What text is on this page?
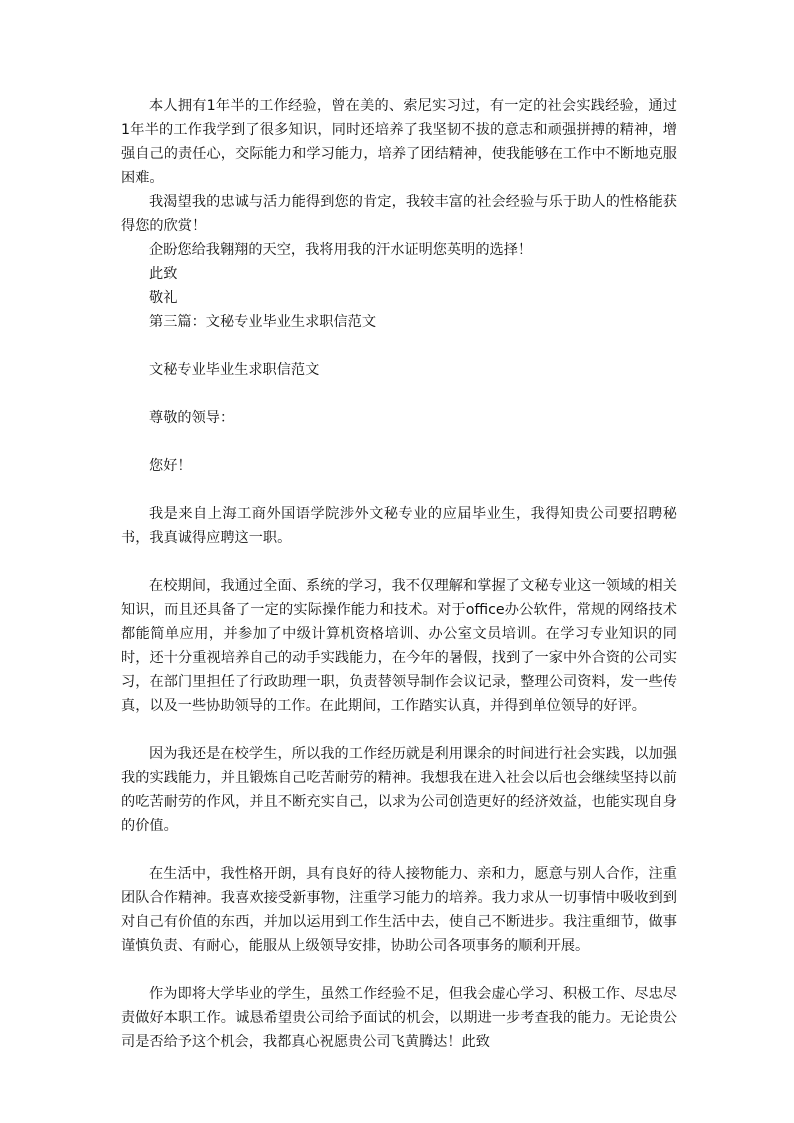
本人拥有1年半的工作经验，曾在美的、索尼实习过，有一定的社会实践经验，通过1年半的工作我学到了很多知识，同时还培养了我坚韧不拔的意志和顽强拼搏的精神，增强自己的责任心，交际能力和学习能力，培养了团结精神，使我能够在工作中不断地克服困难。

我渴望我的忠诚与活力能得到您的肯定，我较丰富的社会经验与乐于助人的性格能获得您的欣赏！

企盼您给我翱翔的天空，我将用我的汗水证明您英明的选择！

此致

敬礼

第三篇：文秘专业毕业生求职信范文

文秘专业毕业生求职信范文

尊敬的领导：

您好！

我是来自上海工商外国语学院涉外文秘专业的应届毕业生，我得知贵公司要招聘秘书，我真诚得应聘这一职。

在校期间，我通过全面、系统的学习，我不仅理解和掌握了文秘专业这一领域的相关知识，而且还具备了一定的实际操作能力和技术。对于office办公软件，常规的网络技术都能简单应用，并参加了中级计算机资格培训、办公室文员培训。在学习专业知识的同时，还十分重视培养自己的动手实践能力，在今年的暑假，找到了一家中外合资的公司实习，在部门里担任了行政助理一职，负责替领导制作会议记录，整理公司资料，发一些传真，以及一些协助领导的工作。在此期间，工作踏实认真，并得到单位领导的好评。

因为我还是在校学生，所以我的工作经历就是利用课余的时间进行社会实践，以加强我的实践能力，并且锻炼自己吃苦耐劳的精神。我想我在进入社会以后也会继续坚持以前的吃苦耐劳的作风，并且不断充实自己，以求为公司创造更好的经济效益，也能实现自身的价值。

在生活中，我性格开朗，具有良好的待人接物能力、亲和力，愿意与别人合作，注重团队合作精神。我喜欢接受新事物，注重学习能力的培养。我力求从一切事情中吸收到到对自己有价值的东西，并加以运用到工作生活中去，使自己不断进步。我注重细节，做事谨慎负责、有耐心，能服从上级领导安排，协助公司各项事务的顺利开展。

作为即将大学毕业的学生，虽然工作经验不足，但我会虚心学习、积极工作、尽忠尽责做好本职工作。诚恳希望贵公司给予面试的机会，以期进一步考查我的能力。无论贵公司是否给予这个机会，我都真心祝愿贵公司飞黄腾达！此致
